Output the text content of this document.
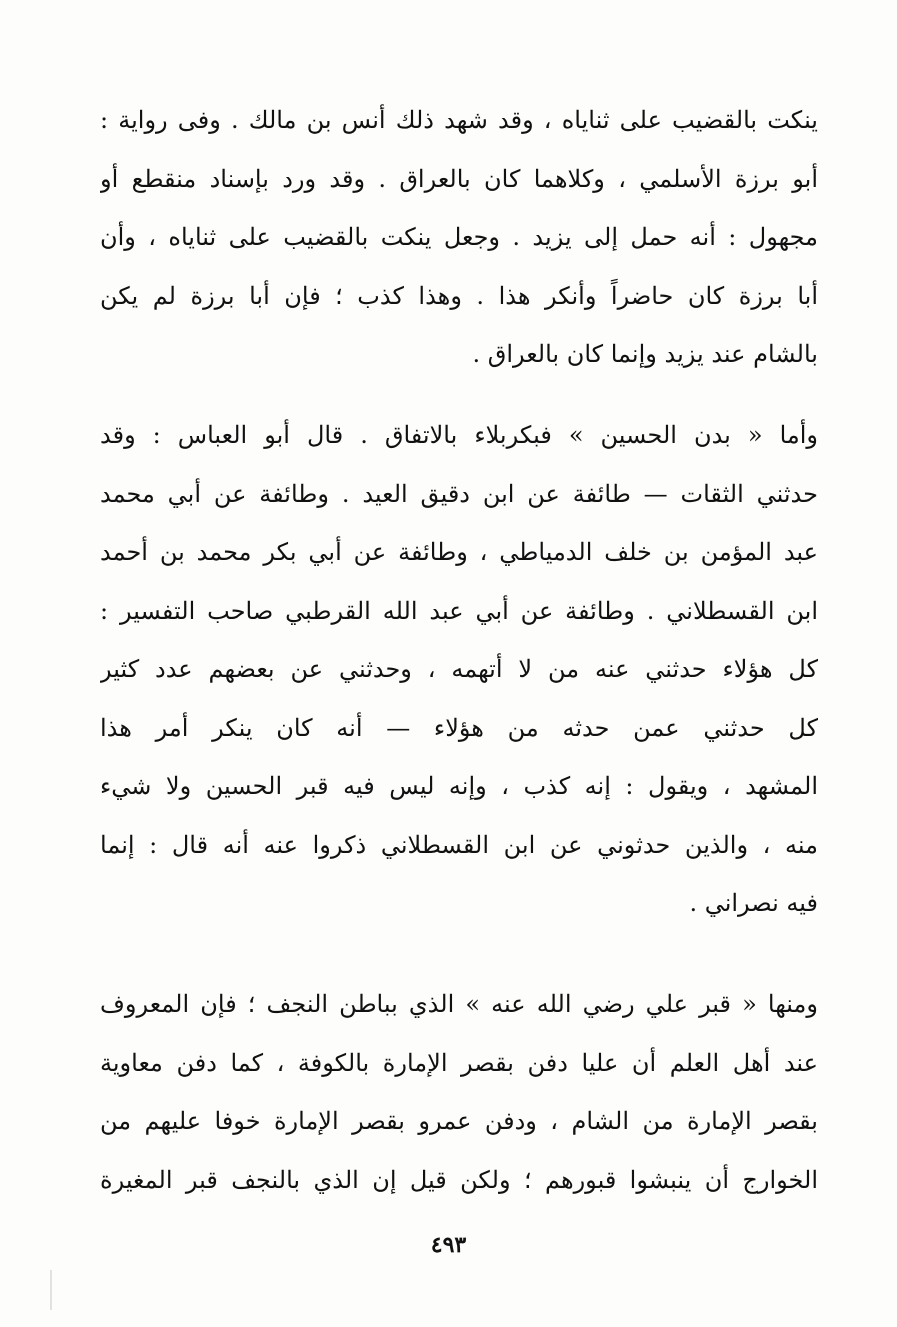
ينكت بالقضيب على ثناياه ، وقد شهد ذلك أنس بن مالك . وفى رواية :
أبو برزة الأسلمي ، وكلاهما كان بالعراق . وقد ورد بإسناد منقطع أو
مجهول : أنه حمل إلى يزيد . وجعل ينكت بالقضيب على ثناياه ، وأن
أبا برزة كان حاضراً وأنكر هذا . وهذا كذب ؛ فإن أبا برزة لم يكن
بالشام عند يزيد وإنما كان بالعراق .
وأما « بدن الحسين » فبكربلاء بالاتفاق . قال أبو العباس : وقد
حدثني الثقات — طائفة عن ابن دقيق العيد . وطائفة عن أبي محمد
عبد المؤمن بن خلف الدمياطي ، وطائفة عن أبي بكر محمد بن أحمد
ابن القسطلاني . وطائفة عن أبي عبد الله القرطبي صاحب التفسير :
كل هؤلاء حدثني عنه من لا أتهمه ، وحدثني عن بعضهم عدد كثير
كل حدثني عمن حدثه من هؤلاء — أنه كان ينكر أمر هذا
المشهد ، ويقول : إنه كذب ، وإنه ليس فيه قبر الحسين ولا شيء
منه ، والذين حدثوني عن ابن القسطلاني ذكروا عنه أنه قال : إنما
فيه نصراني .
ومنها « قبر علي رضي الله عنه » الذي بباطن النجف ؛ فإن المعروف
عند أهل العلم أن عليا دفن بقصر الإمارة بالكوفة ، كما دفن معاوية
بقصر الإمارة من الشام ، ودفن عمرو بقصر الإمارة خوفا عليهم من
الخوارج أن ينبشوا قبورهم ؛ ولكن قيل إن الذي بالنجف قبر المغيرة
٤٩٣
